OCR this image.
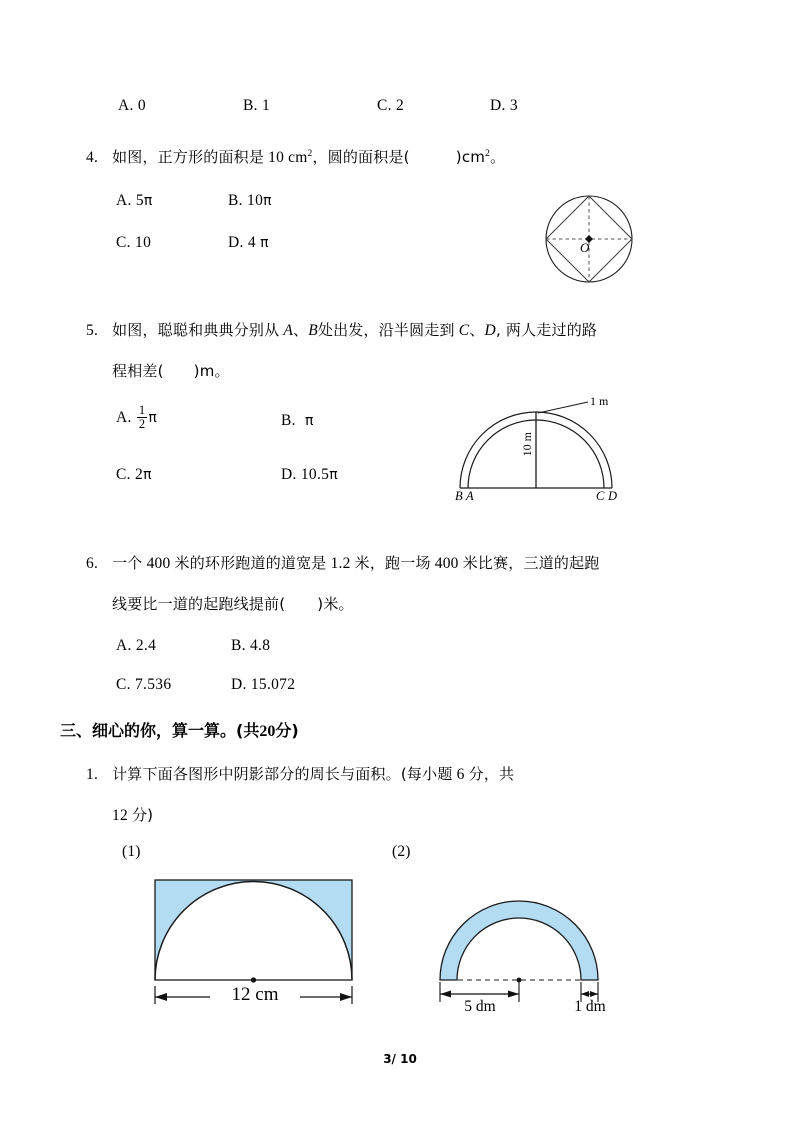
A. 0	B. 1	C. 2	D. 3
4. 如图，正方形的面积是 10 $cm^2$，圆的面积是(	)$cm^2$。
A. 5π	B. 10π
C. 10	D. 4 π	O
5. 如图，聪聪和典典分别从 A、B处出发，沿半圆走到 C、D, 两人走过的路
程相差( )m。
A. $\frac{1}{2}$ π	B. π
C. 2π	D. 10.5π
1 m
10 m
B A	C D
6. 一个 400 米的环形跑道的道宽是 1.2 米，跑一场 400 米比赛，三道的起跑
线要比一道的起跑线提前( )米。
A. 2.4	B. 4.8
C. 7.536	D. 15.072
三、细心的你，算一算。(共20分)
1. 计算下面各图形中阴影部分的周长与面积。(每小题 6 分，共
12 分)
(1)	(2)
12 cm
5 dm	1 dm
3/ 10
